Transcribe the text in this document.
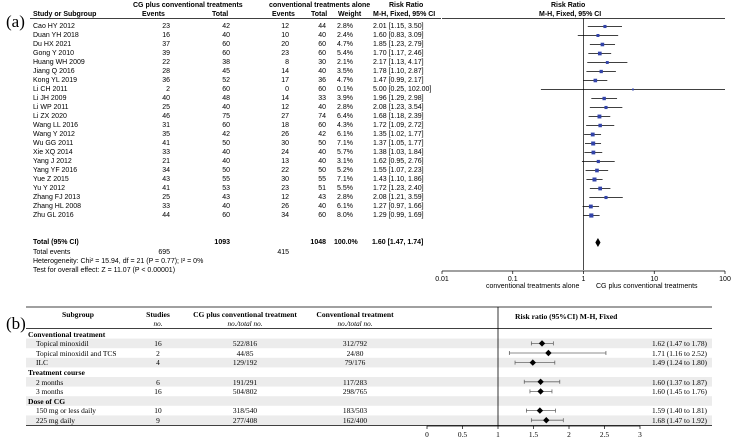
(a)
CG plus conventional treatments	conventional treatments alone	Risk Ratio	Risk Ratio
Study or Subgroup	Events	Total	Events Total Weight M-H, Fixed, 95% CI	M-H, Fixed, 95% CI
Cao HY 2012	23	42	12	44 2.8%	2.01 [1.15, 3.50]
Duan YH 2018	16	40	10	40 2.4%	1.60 [0.83, 3.09]
Du HX 2021	37	60	20	60 4.7%	1.85 [1.23, 2.79]
Gong Y 2010	39	60	23	60 5.4%	1.70 [1.17, 2.46]
Huang WH 2009	22	38	8	30 2.1%	2.17 [1.13, 4.17]
Jiang Q 2016	28	45	14	40 3.5%	1.78 [1.10, 2.87]
Kong YL 2019	36	52	17	36 4.7%	1.47 [0.99, 2.17]
Li CH 2011	2	60	0	60 0.1%	5.00 [0.25, 102.00]
Li JH 2009	40	48	14	33 3.9%	1.96 [1.29, 2.98]
Li WP 2011	25	40	12	40 2.8%	2.08 [1.23, 3.54]
Li ZX 2020	46	75	27	74 6.4%	1.68 [1.18, 2.39]
Wang LL 2016	31	60	18	60 4.3%	1.72 [1.09, 2.72]
Wang Y 2012	35	42	26	42 6.1%	1.35 [1.02, 1.77]
Wu GG 2011	41	50	30	50 7.1%	1.37 [1.05, 1.77]
Xie XQ 2014	33	40	24	40 5.7%	1.38 [1.03, 1.84]
Yang J 2012	21	40	13	40 3.1%	1.62 [0.95, 2.76]
Yang YF 2016	34	50	22	50 5.2%	1.55 [1.07, 2.23]
Yue Z 2015	43	55	30	55 7.1%	1.43 [1.10, 1.86]
Yu Y 2012	41	53	23	51 5.5%	1.72 [1.23, 2.40]
Zhang FJ 2013	25	43	12	43 2.8%	2.08 [1.21, 3.59]
Zhang HL 2008	33	40	26	40 6.1%	1.27 [0.97, 1.66]
Zhu GL 2016	44	60	34	60 8.0%	1.29 [0.99, 1.69]
Total (95% CI)	1093	1048 100.0% 1.60 [1.47, 1.74]
Total events	695	415
Heterogeneity: Chi² = 15.94, df = 21 (P = 0.77); I² = 0%
Test for overall effect: Z = 11.07 (P < 0.00001)
0.01	0.1	1	10	100
conventional treatments alone CG plus conventional treatments
(b)	Subgroup	Studies
no.
CG plus conventional treatment
no./total no.
Conventional treatment
no./total no.
Risk ratio (95%CI) M-H, Fixed
Conventional treatment
Topical minoxidil	16	522/816	312/792	1.62 (1.47 to 1.78)
Topical minoxidil and TCS	2	44/85	24/80	1.71 (1.16 to 2.52)
ILC	4	129/192	79/176	1.49 (1.24 to 1.80)
Treatment course
2 months	6	191/291	117/283	1.60 (1.37 to 1.87)
3 months	16	504/802	298/765	1.60 (1.45 to 1.76)
Dose of CG
150 mg or less daily	10	318/540	183/503	1.59 (1.40 to 1.81)
225 mg daily	9	277/408	162/400	1.68 (1.47 to 1.92)
0	0.5	1	1.5	2	2.5	3
